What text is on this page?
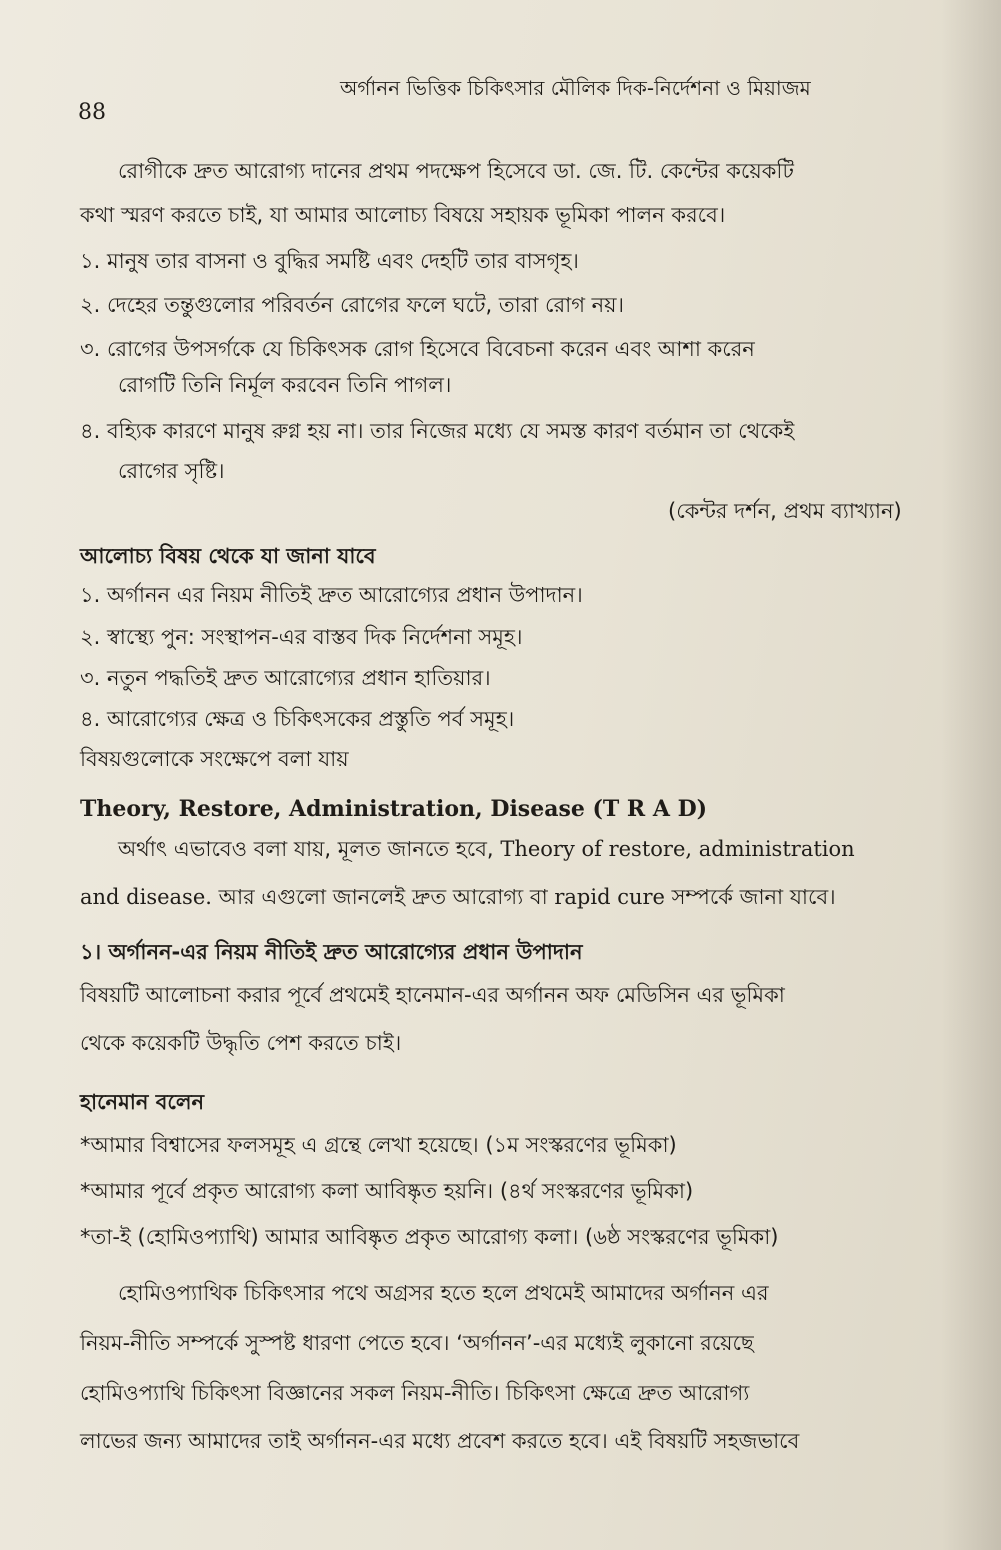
অর্গানন ভিত্তিক চিকিৎসার মৌলিক দিক-নির্দেশনা ও মিয়াজম
88
রোগীকে দ্রুত আরোগ্য দানের প্রথম পদক্ষেপ হিসেবে ডা. জে. টি. কেন্টের কয়েকটি
কথা স্মরণ করতে চাই, যা আমার আলোচ্য বিষয়ে সহায়ক ভূমিকা পালন করবে।
১. মানুষ তার বাসনা ও বুদ্ধির সমষ্টি এবং দেহটি তার বাসগৃহ।
২. দেহের তন্তুগুলোর পরিবর্তন রোগের ফলে ঘটে, তারা রোগ নয়।
৩. রোগের উপসর্গকে যে চিকিৎসক রোগ হিসেবে বিবেচনা করেন এবং আশা করেন
রোগটি তিনি নির্মূল করবেন তিনি পাগল।
৪. বহ্যিক কারণে মানুষ রুগ্ন হয় না। তার নিজের মধ্যে যে সমস্ত কারণ বর্তমান তা থেকেই
রোগের সৃষ্টি।
(কেন্টর দর্শন, প্রথম ব্যাখ্যান)
আলোচ্য বিষয় থেকে যা জানা যাবে
১. অর্গানন এর নিয়ম নীতিই দ্রুত আরোগ্যের প্রধান উপাদান।
২. স্বাস্থ্যে পুন: সংস্থাপন-এর বাস্তব দিক নির্দেশনা সমূহ।
৩. নতুন পদ্ধতিই দ্রুত আরোগ্যের প্রধান হাতিয়ার।
৪. আরোগ্যের ক্ষেত্র ও চিকিৎসকের প্রস্তুতি পর্ব সমূহ।
বিষয়গুলোকে সংক্ষেপে বলা যায়
Theory, Restore, Administration, Disease (T R A D)
অর্থাৎ এভাবেও বলা যায়, মূলত জানতে হবে, Theory of restore, administration
and disease. আর এগুলো জানলেই দ্রুত আরোগ্য বা rapid cure সম্পর্কে জানা যাবে।
১। অর্গানন-এর নিয়ম নীতিই দ্রুত আরোগ্যের প্রধান উপাদান
বিষয়টি আলোচনা করার পূর্বে প্রথমেই হানেমান-এর অর্গানন অফ মেডিসিন এর ভূমিকা
থেকে কয়েকটি উদ্ধৃতি পেশ করতে চাই।
হানেমান বলেন
*আমার বিশ্বাসের ফলসমূহ এ গ্রন্থে লেখা হয়েছে। (১ম সংস্করণের ভূমিকা)
*আমার পূর্বে প্রকৃত আরোগ্য কলা আবিষ্কৃত হয়নি। (৪র্থ সংস্করণের ভূমিকা)
*তা-ই (হোমিওপ্যাথি) আমার আবিষ্কৃত প্রকৃত আরোগ্য কলা। (৬ষ্ঠ সংস্করণের ভূমিকা)
হোমিওপ্যাথিক চিকিৎসার পথে অগ্রসর হতে হলে প্রথমেই আমাদের অর্গানন এর
নিয়ম-নীতি সম্পর্কে সুস্পষ্ট ধারণা পেতে হবে। ‘অর্গানন’-এর মধ্যেই লুকানো রয়েছে
হোমিওপ্যাথি চিকিৎসা বিজ্ঞানের সকল নিয়ম-নীতি। চিকিৎসা ক্ষেত্রে দ্রুত আরোগ্য
লাভের জন্য আমাদের তাই অর্গানন-এর মধ্যে প্রবেশ করতে হবে। এই বিষয়টি সহজভাবে
